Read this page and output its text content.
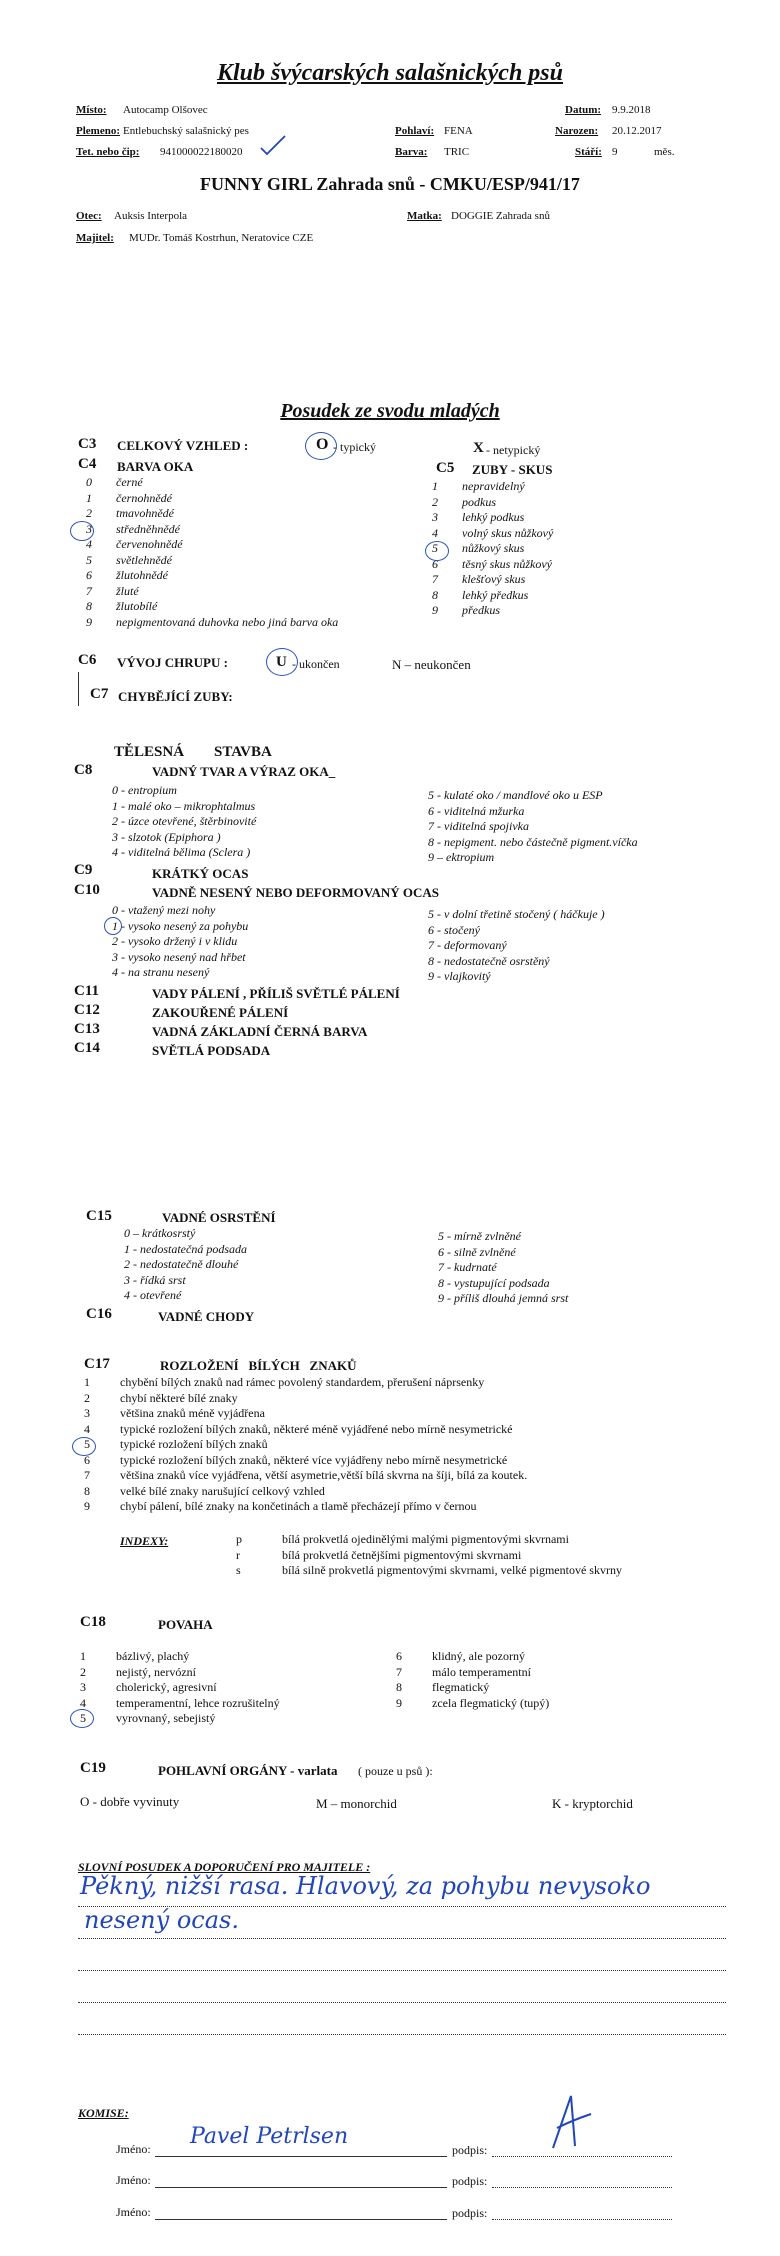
Klub švýcarských salašnických psů
Místo: Autocamp Olšovec	Datum: 9.9.2018
Plemeno: Entlebuchský salašnický pes	Pohlaví: FENA	Narozen: 20.12.2017
Tet. nebo čip: 941000022180020	Barva: TRIC	Stáří: 9	měs.
FUNNY GIRL Zahrada snů - CMKU/ESP/941/17
Otec: Auksis Interpola	Matka: DOGGIE Zahrada snů
Majitel: MUDr. Tomáš Kostrhun, Neratovice CZE
Posudek ze svodu mladých
C3 CELKOVÝ VZHLED :	O - typický	X - netypický
C4 BARVA OKA
0 černé
1 černohnědé
2 tmavohnědé
3 středněhnědé
4 červenohnědé
5 světlehnědé
6 žlutohnědé
7 žluté
8 žlutobílé
9 nepigmentovaná duhovka nebo jiná barva oka
C5 ZUBY - SKUS
1 nepravidelný
2 podkus
3 lehký podkus
4 volný skus nůžkový
5 nůžkový skus
6 těsný skus nůžkový
7 klešťový skus
8 lehký předkus
9 předkus
C6 VÝVOJ CHRUPU :	U - ukončen	N – neukončen
C7 CHYBĚJÍCÍ ZUBY:
TĚLESNÁ        STAVBA
C8	VADNÝ TVAR A VÝRAZ OKA_
0 - entropium
1 - malé oko – mikrophtalmus
2 - úzce otevřené, štěrbinovité
3 - slzotok (Epiphora )
4 - viditelná bělima (Sclera )
5 - kulaté oko / mandlové oko u ESP
6 - viditelná mžurka
7 - viditelná spojivka
8 - nepigment. nebo částečně pigment.víčka
9 – ektropium
C9	KRÁTKÝ OCAS
C10	VADNĚ NESENÝ NEBO DEFORMOVANÝ OCAS
0 - vtažený mezi nohy
1 - vysoko nesený za pohybu
2 - vysoko držený i v klidu
3 - vysoko nesený nad hřbet
4 - na stranu nesený
5 - v dolní třetině stočený ( háčkuje )
6 - stočený
7 - deformovaný
8 - nedostatečně osrstěný
9 - vlajkovitý
C11	VADY PÁLENÍ , PŘÍLIŠ SVĚTLÉ PÁLENÍ
C12	ZAKOUŘENÉ PÁLENÍ
C13	VADNÁ ZÁKLADNÍ ČERNÁ BARVA
C14	SVĚTLÁ PODSADA
C15	VADNÉ OSRSTĚNÍ
0 – krátkosrstý
1 - nedostatečná podsada
2 - nedostatečně dlouhé
3 - řídká srst
4 - otevřené
5 - mírně zvlněné
6 - silně zvlněné
7 - kudrnaté
8 - vystupující podsada
9 - příliš dlouhá jemná srst
C16	VADNÉ CHODY
C17	ROZLOŽENÍ   BÍLÝCH   ZNAKŮ
1	chybění bílých znaků nad rámec povolený standardem, přerušení náprsenky
2	chybí některé bílé znaky
3	většina znaků méně vyjádřena
4	typické rozložení bílých znaků, některé méně vyjádřené nebo mírně nesymetrické
5	typické rozložení bílých znaků
6	typické rozložení bílých znaků, některé více vyjádřeny nebo mírně nesymetrické
7	většina znaků více vyjádřena, větší asymetrie,větší bílá skvrna na šíji, bílá za koutek.
8	velké bílé znaky narušující celkový vzhled
9	chybí pálení, bílé znaky na končetinách a tlamě přecházejí přímo v černou
INDEXY:	p	bílá prokvetlá ojedinělými malými pigmentovými skvrnami
r	bílá prokvetlá četnějšími pigmentovými skvrnami
s	bílá silně prokvetlá pigmentovými skvrnami, velké pigmentové skvrny
C18	POVAHA
1	bázlivý, plachý
2	nejistý, nervózní
3	cholerický, agresivní
4	temperamentní, lehce rozrušitelný
5	vyrovnaný, sebejistý
6	klidný, ale pozorný
7	málo temperamentní
8	flegmatický
9	zcela flegmatický (tupý)
C19	POHLAVNÍ ORGÁNY - varlata ( pouze u psů ):
O - dobře vyvinuty	M – monorchid	K - kryptorchid
SLOVNÍ POSUDEK A DOPORUČENÍ PRO MAJITELE :
Pěkný, nižší rasa. Hlavový, za pohybu nevysoko
nesený ocas.
KOMISE:
Jméno: Pavel Petrlsen
podpis:
Jméno:	podpis:
Jméno:	podpis:
